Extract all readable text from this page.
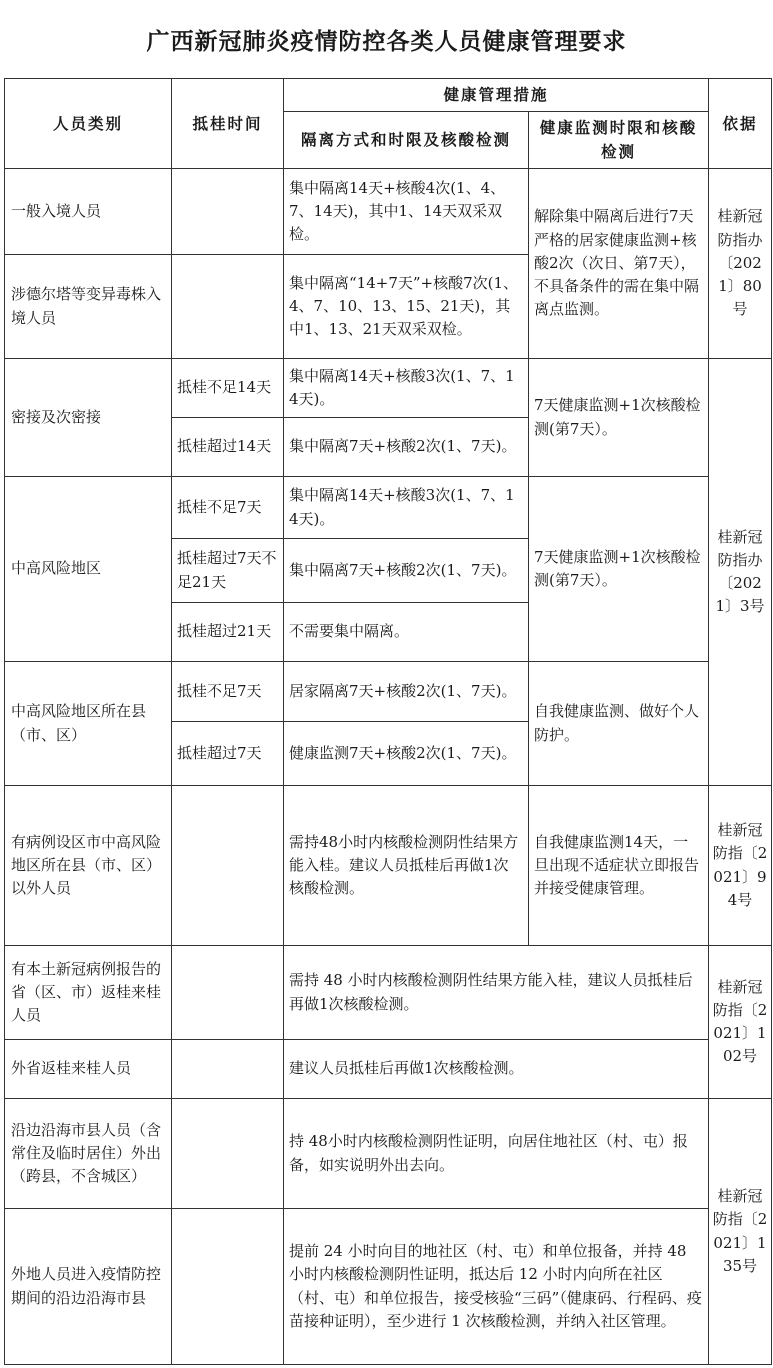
广西新冠肺炎疫情防控各类人员健康管理要求
人员类别	抵桂时间	健康管理措施		依据
		隔离方式和时限及核酸检测	健康监测时限和核酸检测	
一般入境人员		集中隔离14天+核酸4次(1、4、7、14天)，其中1、14天双采双检。	解除集中隔离后进行7天严格的居家健康监测+核酸2次（次日、第7天），不具备条件的需在集中隔离点监测。	桂新冠防指办〔2021〕80号
涉德尔塔等变异毒株入境人员		集中隔离“14+7天”+核酸7次(1、4、7、10、13、15、21天)，其中1、13、21天双采双检。		
密接及次密接	抵桂不足14天	集中隔离14天+核酸3次(1、7、14天)。	7天健康监测+1次核酸检测(第7天）。	桂新冠防指办〔2021〕3号
	抵桂超过14天	集中隔离7天+核酸2次(1、7天)。		
中高风险地区	抵桂不足7天	集中隔离14天+核酸3次(1、7、14天)。	7天健康监测+1次核酸检测(第7天）。	
	抵桂超过7天不足21天	集中隔离7天+核酸2次(1、7天)。		
	抵桂超过21天	不需要集中隔离。		
中高风险地区所在县（市、区）	抵桂不足7天	居家隔离7天+核酸2次(1、7天)。	自我健康监测、做好个人防护。	
	抵桂超过7天	健康监测7天+核酸2次(1、7天)。		
有病例设区市中高风险地区所在县（市、区）以外人员		需持48小时内核酸检测阴性结果方能入桂。建议人员抵桂后再做1次核酸检测。	自我健康监测14天，一旦出现不适症状立即报告并接受健康管理。	桂新冠防指〔2021〕94号
有本土新冠病例报告的省（区、市）返桂来桂人员		需持 48 小时内核酸检测阴性结果方能入桂，建议人员抵桂后再做1次核酸检测。		桂新冠防指〔2021〕102号
外省返桂来桂人员		建议人员抵桂后再做1次核酸检测。		
沿边沿海市县人员（含常住及临时居住）外出（跨县，不含城区）		持 48小时内核酸检测阴性证明，向居住地社区（村、屯）报备，如实说明外出去向。		桂新冠防指〔2021〕135号
外地人员进入疫情防控期间的沿边沿海市县		提前 24 小时向目的地社区（村、屯）和单位报备，并持 48 小时内核酸检测阴性证明，抵达后 12 小时内向所在社区（村、屯）和单位报告，接受核验“三码”（健康码、行程码、疫苗接种证明），至少进行 1 次核酸检测，并纳入社区管理。		
